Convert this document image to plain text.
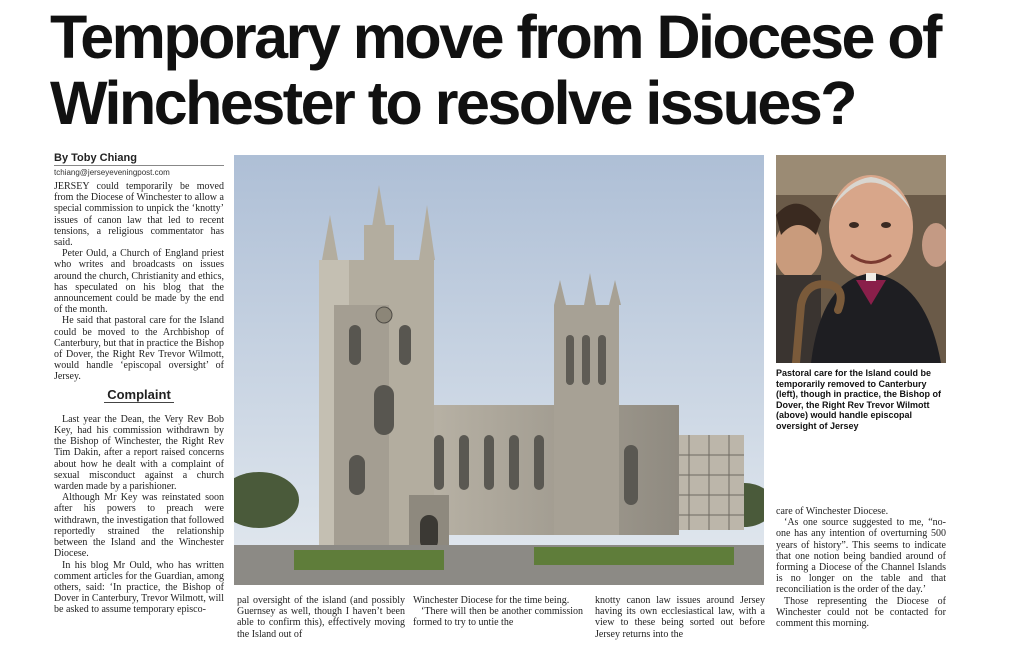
Temporary move from Diocese of Winchester to resolve issues?
By Toby Chiang
tchiang@jerseyeveningpost.com

JERSEY could temporarily be moved from the Diocese of Winchester to allow a special commission to unpick the ‘knotty’ issues of canon law that led to recent tensions, a religious commentator has said.

Peter Ould, a Church of England priest who writes and broadcasts on issues around the church, Christianity and ethics, has speculated on his blog that the announcement could be made by the end of the month.

He said that pastoral care for the Island could be moved to the Archbishop of Canterbury, but that in practice the Bishop of Dover, the Right Rev Trevor Wilmott, would handle ‘episcopal oversight’ of Jersey.

Complaint

Last year the Dean, the Very Rev Bob Key, had his commission withdrawn by the Bishop of Winchester, the Right Rev Tim Dakin, after a report raised concerns about how he dealt with a complaint of sexual misconduct against a church warden made by a parishioner.

Although Mr Key was reinstated soon after his powers to preach were withdrawn, the investigation that followed reportedly strained the relationship between the Island and the Winchester Diocese.

In his blog Mr Ould, who has written comment articles for the Guardian, among others, said: ‘In practice, the Bishop of Dover in Canterbury, Trevor Wilmott, will be asked to assume temporary episco-

Pastoral care for the Island could be temporarily removed to Canterbury (left), though in practice, the Bishop of Dover, the Right Rev Trevor Wilmott (above) would handle episcopal oversight of Jersey

pal oversight of the island (and possibly Guernsey as well, though I haven’t been able to confirm this), effectively moving the Island out of

Winchester Diocese for the time being.

‘There will then be another commission formed to try to untie the

knotty canon law issues around Jersey having its own ecclesiastical law, with a view to these being sorted out before Jersey returns into the

care of Winchester Diocese.

‘As one source suggested to me, “no-one has any intention of overturning 500 years of history”. This seems to indicate that one notion being bandied around of forming a Diocese of the Channel Islands is no longer on the table and that reconciliation is the order of the day.’

Those representing the Diocese of Winchester could not be contacted for comment this morning.
